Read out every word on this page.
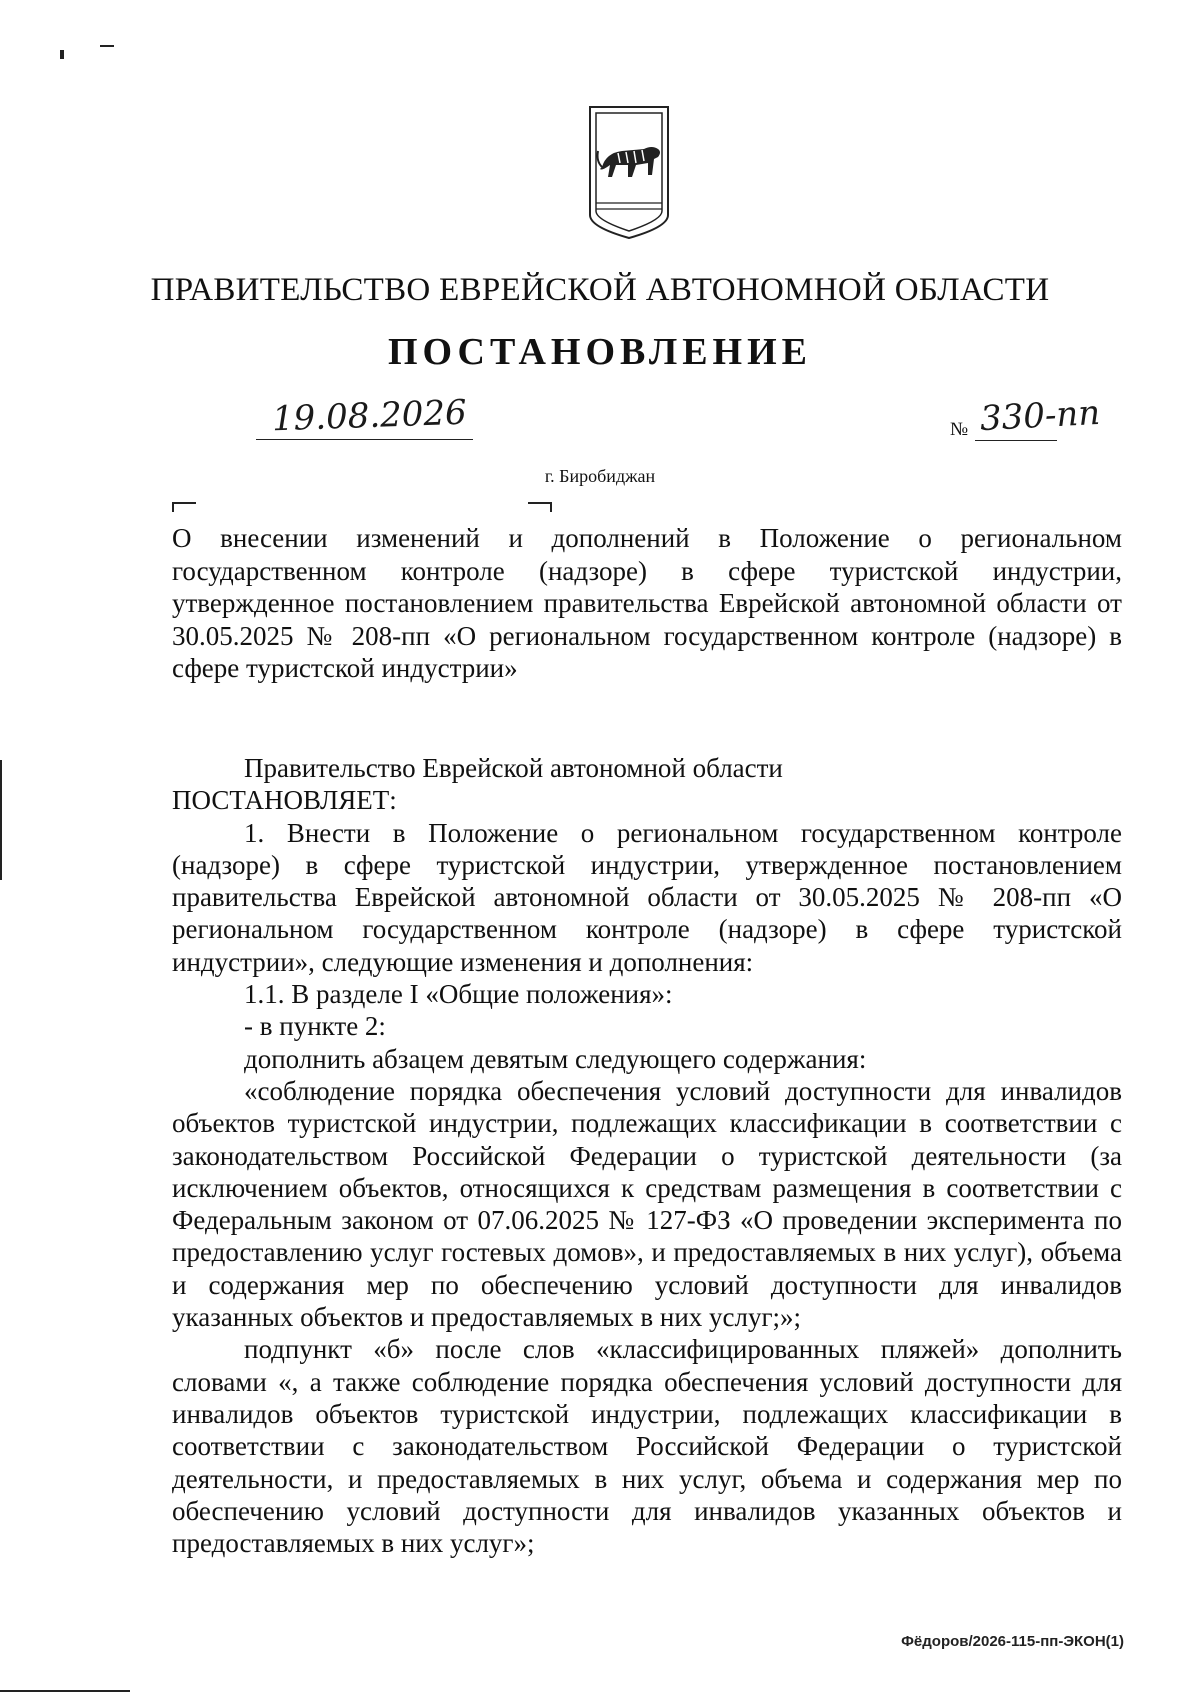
ПРАВИТЕЛЬСТВО ЕВРЕЙСКОЙ АВТОНОМНОЙ ОБЛАСТИ
ПОСТАНОВЛЕНИЕ
19.08.2026	№ 330-пп
г. Биробиджан
О внесении изменений и дополнений в Положение о региональном государственном контроле (надзоре) в сфере туристской индустрии, утвержденное постановлением правительства Еврейской автономной области от 30.05.2025 № 208-пп «О региональном государственном контроле (надзоре) в сфере туристской индустрии»

Правительство Еврейской автономной области

ПОСТАНОВЛЯЕТ:

1. Внести в Положение о региональном государственном контроле (надзоре) в сфере туристской индустрии, утвержденное постановлением правительства Еврейской автономной области от 30.05.2025 № 208-пп «О региональном государственном контроле (надзоре) в сфере туристской индустрии», следующие изменения и дополнения:

1.1. В разделе I «Общие положения»:

- в пункте 2:

дополнить абзацем девятым следующего содержания:

«соблюдение порядка обеспечения условий доступности для инвалидов объектов туристской индустрии, подлежащих классификации в соответствии с законодательством Российской Федерации о туристской деятельности (за исключением объектов, относящихся к средствам размещения в соответствии с Федеральным законом от 07.06.2025 № 127-ФЗ «О проведении эксперимента по предоставлению услуг гостевых домов», и предоставляемых в них услуг), объема и содержания мер по обеспечению условий доступности для инвалидов указанных объектов и предоставляемых в них услуг;»;

подпункт «б» после слов «классифицированных пляжей» дополнить словами «, а также соблюдение порядка обеспечения условий доступности для инвалидов объектов туристской индустрии, подлежащих классификации в соответствии с законодательством Российской Федерации о туристской деятельности, и предоставляемых в них услуг, объема и содержания мер по обеспечению условий доступности для инвалидов указанных объектов и предоставляемых в них услуг»;

Фёдоров/2026-115-пп-ЭКОН(1)
